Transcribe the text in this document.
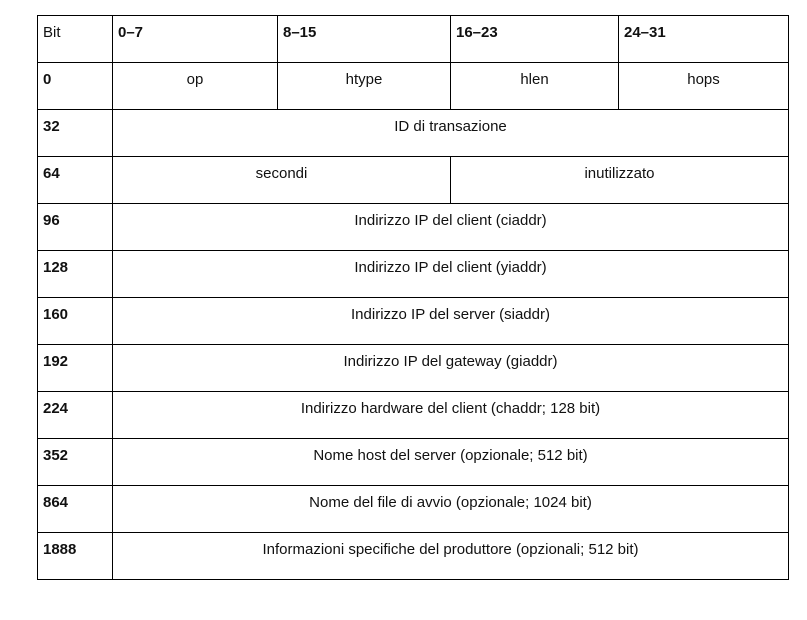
Bit	0–7	8–15	16–23	24–31

0	op	htype	hlen	hops

32	ID di transazione			

64	secondi		inutilizzato	

96	Indirizzo IP del client (ciaddr)			

128	Indirizzo IP del client (yiaddr)			

160	Indirizzo IP del server (siaddr)			

192	Indirizzo IP del gateway (giaddr)			

224	Indirizzo hardware del client (chaddr; 128 bit)			

352	Nome host del server (opzionale; 512 bit)			

864	Nome del file di avvio (opzionale; 1024 bit)			

1888	Informazioni specifiche del produttore (opzionali; 512 bit)			
